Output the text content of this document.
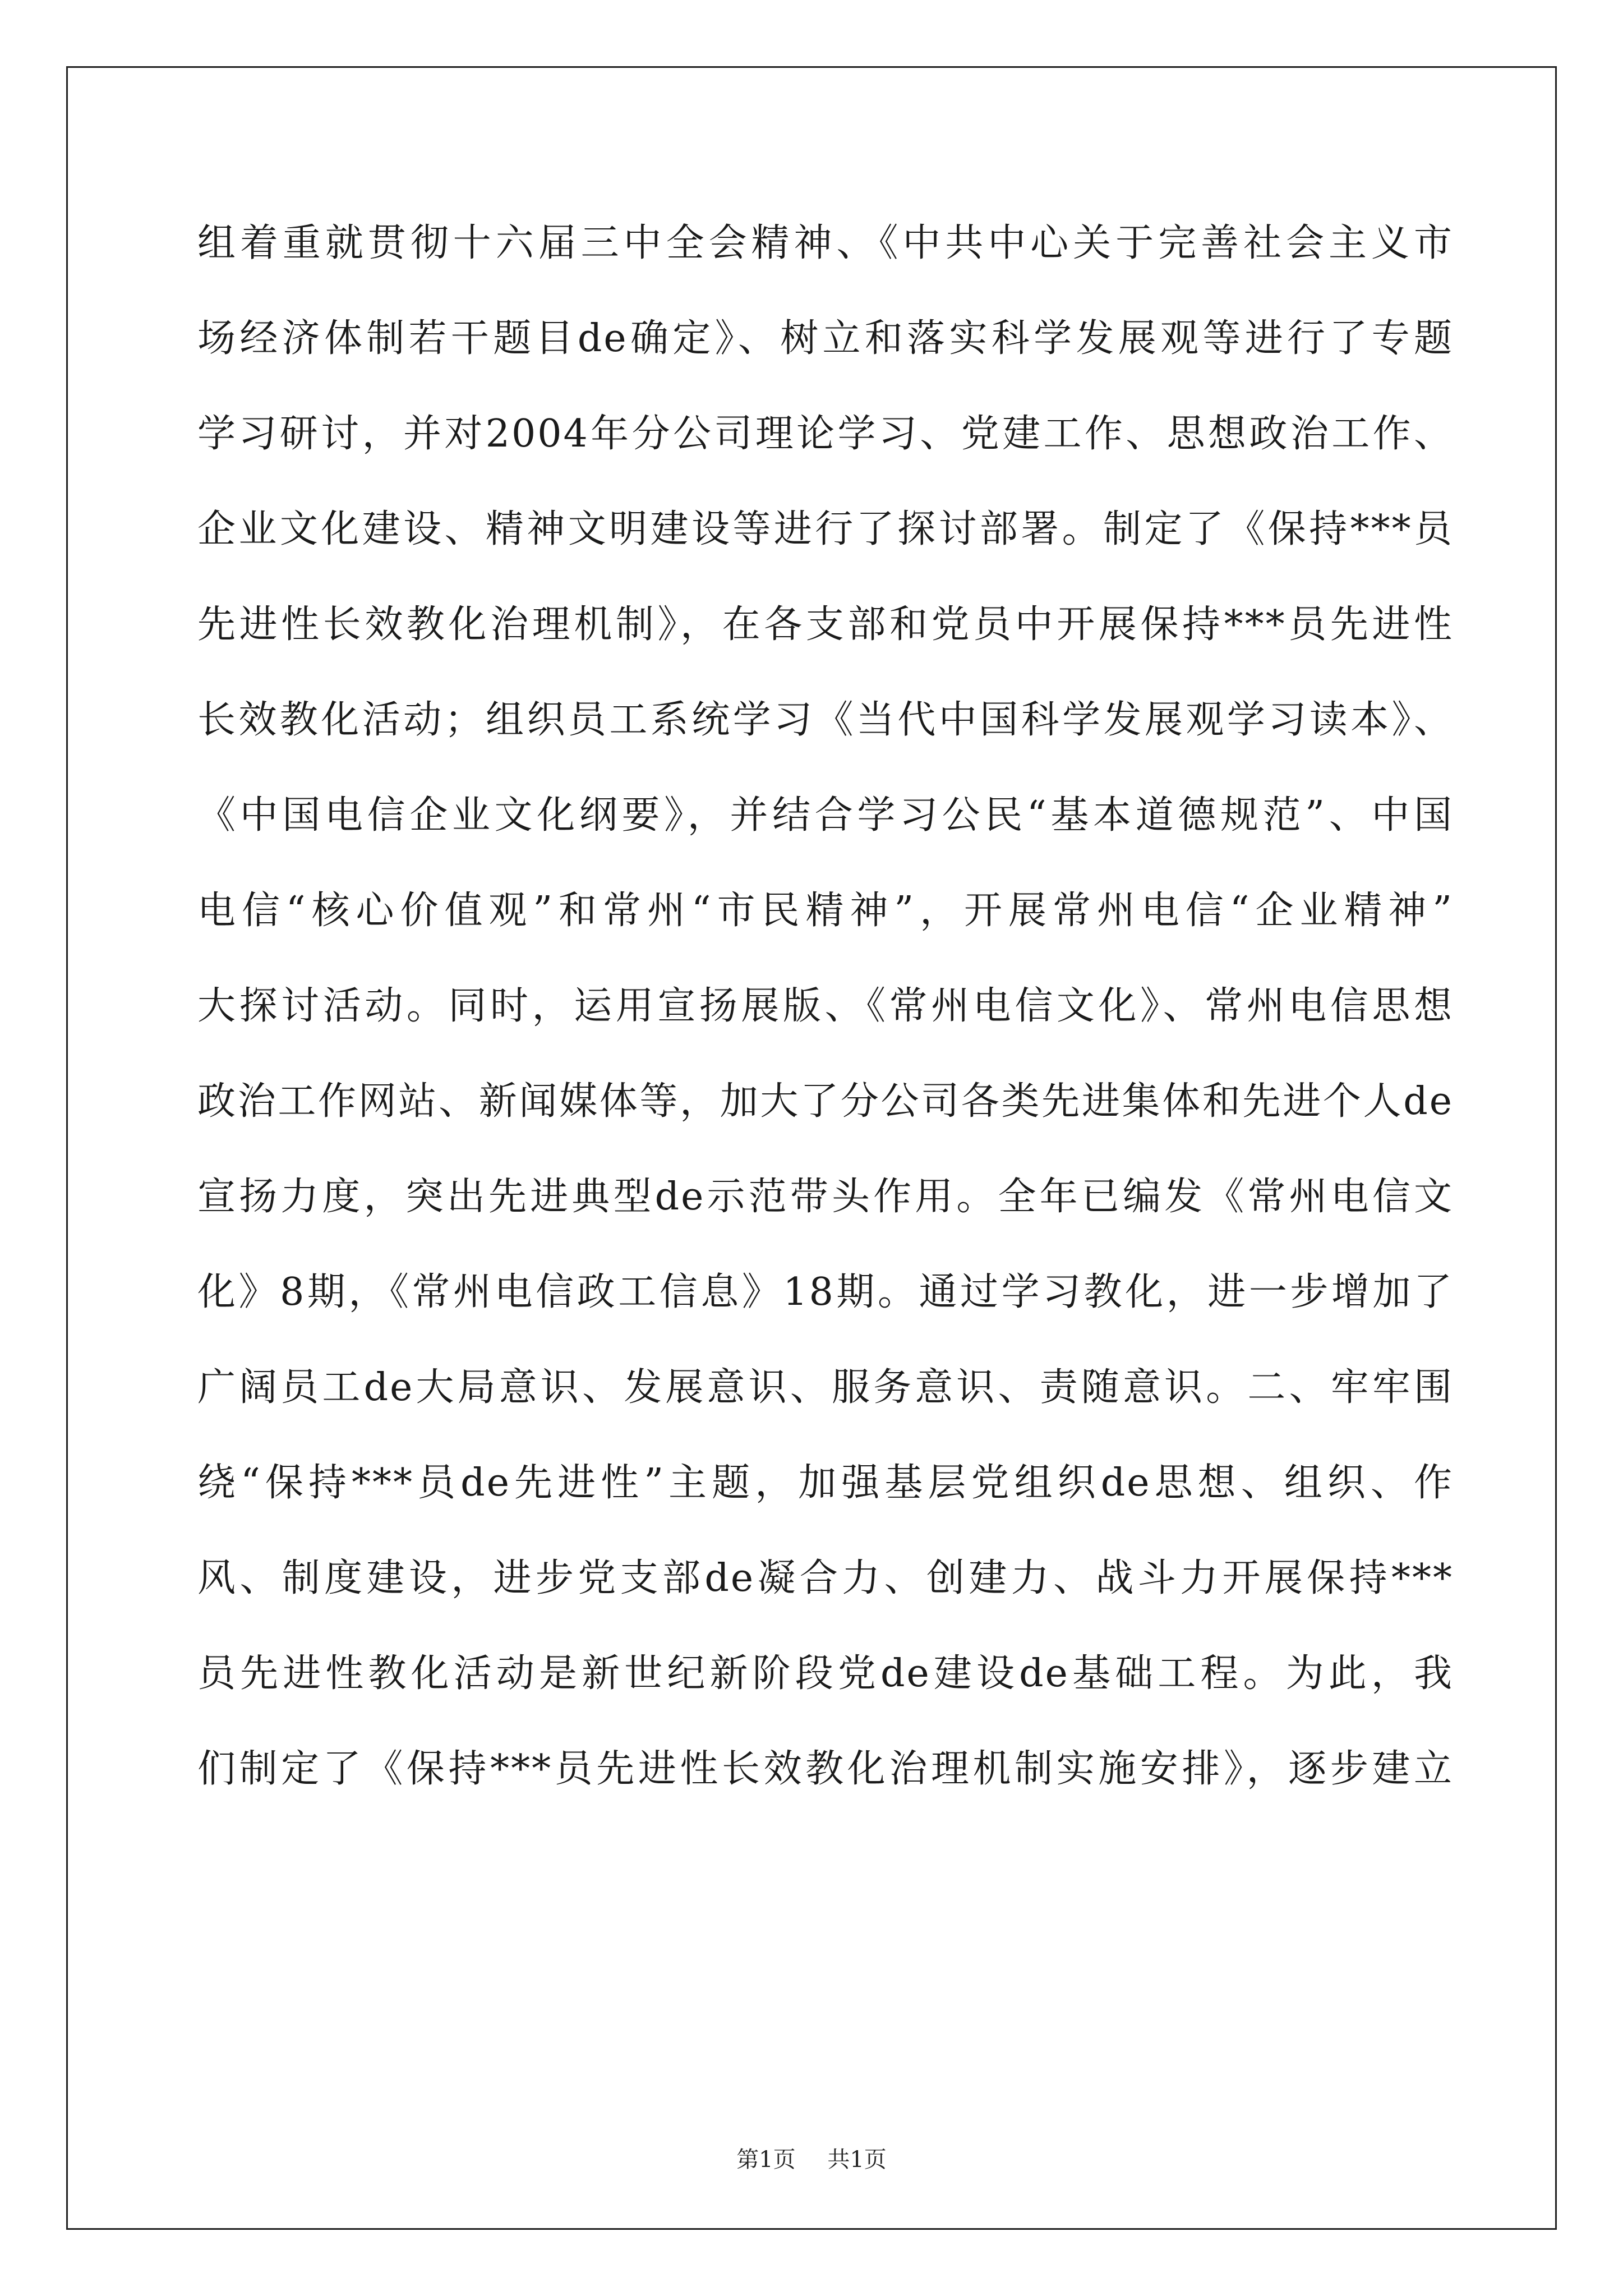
组着重就贯彻十六届三中全会精神、《中共中心关于完善社会主义市
场经济体制若干题目de确定》、树立和落实科学发展观等进行了专题
学习研讨，并对2004年分公司理论学习、党建工作、思想政治工作、
企业文化建设、精神文明建设等进行了探讨部署。制定了《保持***员
先进性长效教化治理机制》，在各支部和党员中开展保持***员先进性
长效教化活动；组织员工系统学习《当代中国科学发展观学习读本》、
《中国电信企业文化纲要》，并结合学习公民“基本道德规范”、中国
电信“核心价值观”和常州“市民精神”，开展常州电信“企业精神”
大探讨活动。同时，运用宣扬展版、《常州电信文化》、常州电信思想
政治工作网站、新闻媒体等，加大了分公司各类先进集体和先进个人de
宣扬力度，突出先进典型de示范带头作用。全年已编发《常州电信文
化》8期，《常州电信政工信息》18期。通过学习教化，进一步增加了
广阔员工de大局意识、发展意识、服务意识、责随意识。二、牢牢围
绕“保持***员de先进性”主题，加强基层党组织de思想、组织、作
风、制度建设，进步党支部de凝合力、创建力、战斗力开展保持***
员先进性教化活动是新世纪新阶段党de建设de基础工程。为此，我
们制定了《保持***员先进性长效教化治理机制实施安排》，逐步建立
第1页 共1页
